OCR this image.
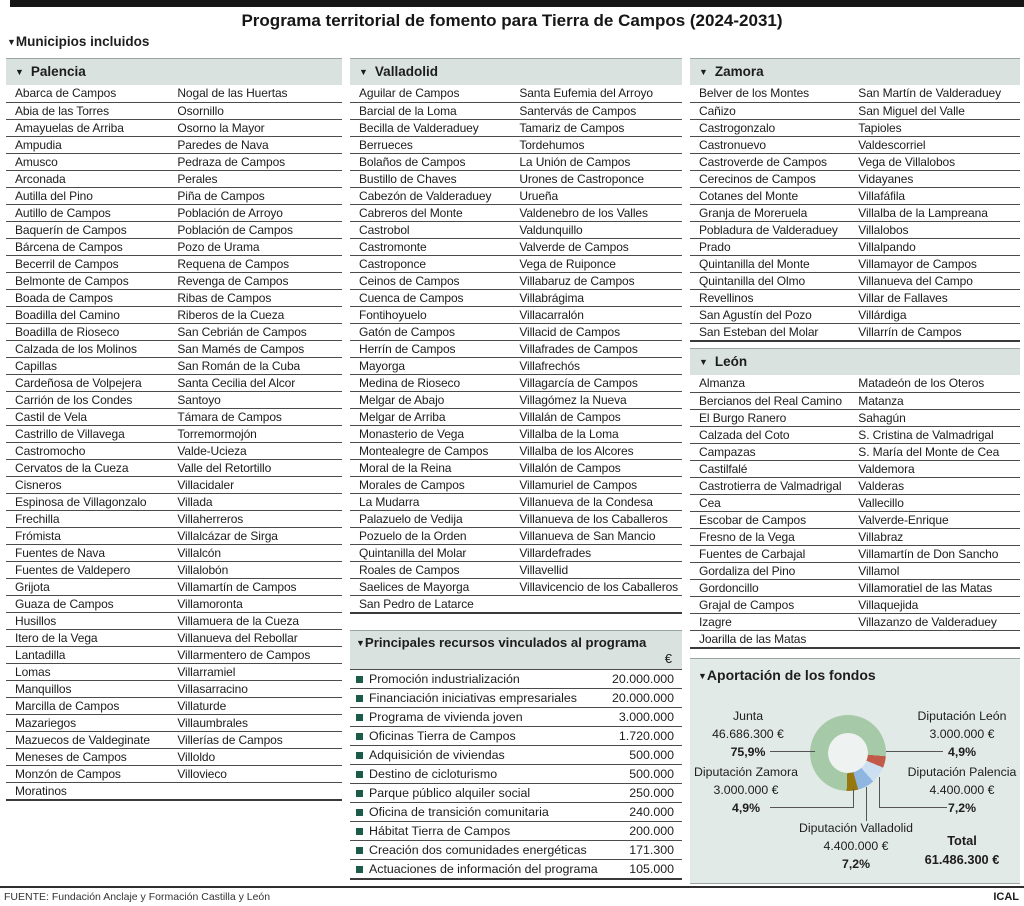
Programa territorial de fomento para Tierra de Campos (2024-2031)
▼Municipios incluidos
▼ Palencia
Abarca de Campos	Nogal de las Huertas
Abia de las Torres	Osornillo
Amayuelas de Arriba	Osorno la Mayor
Ampudia	Paredes de Nava
Amusco	Pedraza de Campos
Arconada	Perales
Autilla del Pino	Piña de Campos
Autillo de Campos	Población de Arroyo
Baquerín de Campos	Población de Campos
Bárcena de Campos	Pozo de Urama
Becerril de Campos	Requena de Campos
Belmonte de Campos	Revenga de Campos
Boada de Campos	Ribas de Campos
Boadilla del Camino	Riberos de la Cueza
Boadilla de Rioseco	San Cebrián de Campos
Calzada de los Molinos	San Mamés de Campos
Capillas	San Román de la Cuba
Cardeñosa de Volpejera	Santa Cecilia del Alcor
Carrión de los Condes	Santoyo
Castil de Vela	Támara de Campos
Castrillo de Villavega	Torremormojón
Castromocho	Valde-Ucieza
Cervatos de la Cueza	Valle del Retortillo
Cisneros	Villacidaler
Espinosa de Villagonzalo	Villada
Frechilla	Villaherreros
Frómista	Villalcázar de Sirga
Fuentes de Nava	Villalcón
Fuentes de Valdepero	Villalobón
Grijota	Villamartín de Campos
Guaza de Campos	Villamoronta
Husillos	Villamuera de la Cueza
Itero de la Vega	Villanueva del Rebollar
Lantadilla	Villarmentero de Campos
Lomas	Villarramiel
Manquillos	Villasarracino
Marcilla de Campos	Villaturde
Mazariegos	Villaumbrales
Mazuecos de Valdeginate	Villerías de Campos
Meneses de Campos	Villoldo
Monzón de Campos	Villovieco
Moratinos
▼ Valladolid
Aguilar de Campos	Santa Eufemia del Arroyo
Barcial de la Loma	Santervás de Campos
Becilla de Valderaduey	Tamariz de Campos
Berrueces	Tordehumos
Bolaños de Campos	La Unión de Campos
Bustillo de Chaves	Urones de Castroponce
Cabezón de Valderaduey	Urueña
Cabreros del Monte	Valdenebro de los Valles
Castrobol	Valdunquillo
Castromonte	Valverde de Campos
Castroponce	Vega de Ruiponce
Ceinos de Campos	Villabaruz de Campos
Cuenca de Campos	Villabrágima
Fontihoyuelo	Villacarralón
Gatón de Campos	Villacid de Campos
Herrín de Campos	Villafrades de Campos
Mayorga	Villafrechós
Medina de Rioseco	Villagarcía de Campos
Melgar de Abajo	Villagómez la Nueva
Melgar de Arriba	Villalán de Campos
Monasterio de Vega	Villalba de la Loma
Montealegre de Campos	Villalba de los Alcores
Moral de la Reina	Villalón de Campos
Morales de Campos	Villamuriel de Campos
La Mudarra	Villanueva de la Condesa
Palazuelo de Vedija	Villanueva de los Caballeros
Pozuelo de la Orden	Villanueva de San Mancio
Quintanilla del Molar	Villardefrades
Roales de Campos	Villavellid
Saelices de Mayorga	Villavicencio de los Caballeros
San Pedro de Latarce
▼ Zamora
Belver de los Montes	San Martín de Valderaduey
Cañizo	San Miguel del Valle
Castrogonzalo	Tapioles
Castronuevo	Valdescorriel
Castroverde de Campos	Vega de Villalobos
Cerecinos de Campos	Vidayanes
Cotanes del Monte	Villafáfila
Granja de Moreruela	Villalba de la Lampreana
Pobladura de Valderaduey	Villalobos
Prado	Villalpando
Quintanilla del Monte	Villamayor de Campos
Quintanilla del Olmo	Villanueva del Campo
Revellinos	Villar de Fallaves
San Agustín del Pozo	Villárdiga
San Esteban del Molar	Villarrín de Campos
▼ León
Almanza	Matadeón de los Oteros
Bercianos del Real Camino	Matanza
El Burgo Ranero	Sahagún
Calzada del Coto	S. Cristina de Valmadrigal
Campazas	S. María del Monte de Cea
Castilfalé	Valdemora
Castrotierra de Valmadrigal	Valderas
Cea	Vallecillo
Escobar de Campos	Valverde-Enrique
Fresno de la Vega	Villabraz
Fuentes de Carbajal	Villamartín de Don Sancho
Gordaliza del Pino	Villamol
Gordoncillo	Villamoratiel de las Matas
Grajal de Campos	Villaquejida
Izagre	Villazanzo de Valderaduey
Joarilla de las Matas
▼Principales recursos vinculados al programa
€
Promoción industrialización	20.000.000
Financiación iniciativas empresariales	20.000.000
Programa de vivienda joven	3.000.000
Oficinas Tierra de Campos	1.720.000
Adquisición de viviendas	500.000
Destino de cicloturismo	500.000
Parque público alquiler social	250.000
Oficina de transición comunitaria	240.000
Hábitat Tierra de Campos	200.000
Creación dos comunidades energéticas	171.300
Actuaciones de información del programa	105.000
▼Aportación de los fondos
Junta
46.686.300 €
75,9%
Diputación León
3.000.000 €
4,9%
Diputación Zamora
3.000.000 €
4,9%
Diputación Palencia
4.400.000 €
7,2%
Diputación Valladolid
4.400.000 €
7,2%
Total
61.486.300 €
FUENTE: Fundación Anclaje y Formación Castilla y León	ICAL
